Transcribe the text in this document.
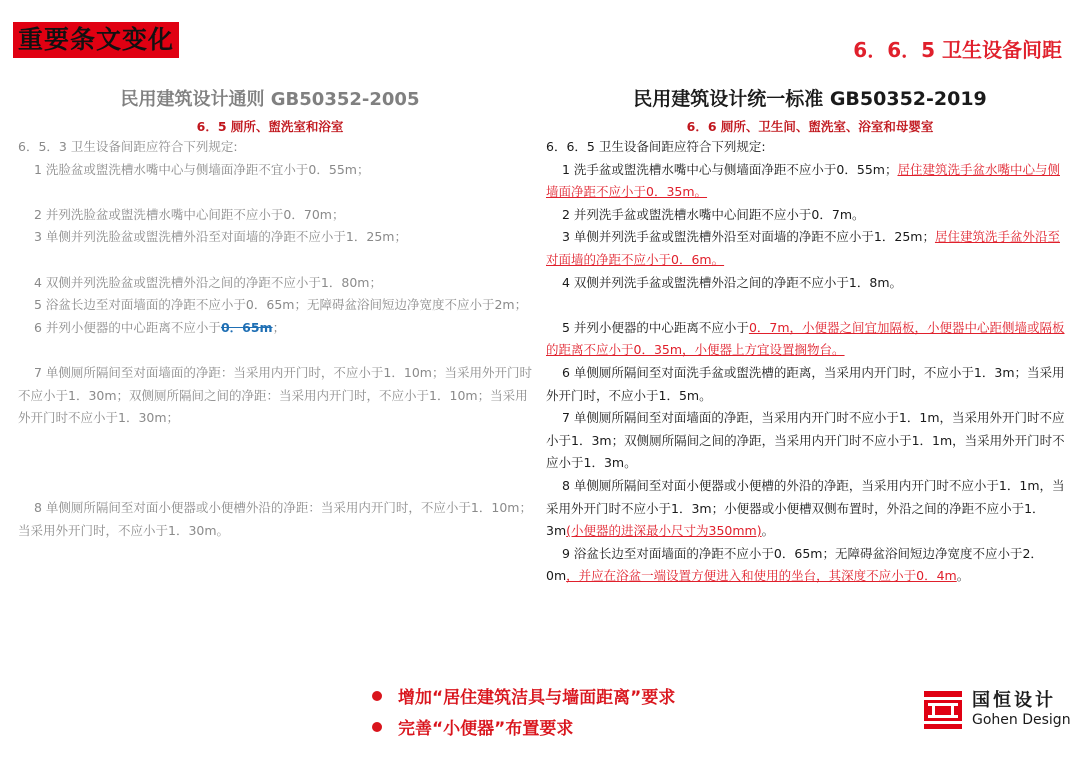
重要条文变化	6．6．5 卫生设备间距
民用建筑设计通则 GB50352-2005	民用建筑设计统一标准 GB50352-2019
6．5 厕所、盥洗室和浴室	6．6 厕所、卫生间、盥洗室、浴室和母婴室

6．5．3 卫生设备间距应符合下列规定:

1 洗脸盆或盥洗槽水嘴中心与侧墙面净距不宜小于0．55m；

2 并列洗脸盆或盥洗槽水嘴中心间距不应小于0．70m；

3 单侧并列洗脸盆或盥洗槽外沿至对面墙的净距不应小于1．25m；

4 双侧并列洗脸盆或盥洗槽外沿之间的净距不应小于1．80m；

5 浴盆长边至对面墙面的净距不应小于0．65m；无障碍盆浴间短边净宽度不应小于2m；

6 并列小便器的中心距离不应小于0．65m；

7 单侧厕所隔间至对面墙面的净距：当采用内开门时，不应小于1．10m；当采用外开门时不应小于1．30m；双侧厕所隔间之间的净距：当采用内开门时，不应小于1．10m；当采用外开门时不应小于1．30m；

8 单侧厕所隔间至对面小便器或小便槽外沿的净距：当采用内开门时，不应小于1．10m；当采用外开门时，不应小于1．30m。

6．6．5 卫生设备间距应符合下列规定:

1 洗手盆或盥洗槽水嘴中心与侧墙面净距不应小于0．55m；居住建筑洗手盆水嘴中心与侧墙面净距不应小于0．35m。

2 并列洗手盆或盥洗槽水嘴中心间距不应小于0．7m。

3 单侧并列洗手盆或盥洗槽外沿至对面墙的净距不应小于1．25m；居住建筑洗手盆外沿至对面墙的净距不应小于0．6m。

4 双侧并列洗手盆或盥洗槽外沿之间的净距不应小于1．8m。

5 并列小便器的中心距离不应小于0．7m，小便器之间宜加隔板，小便器中心距侧墙或隔板的距离不应小于0．35m，小便器上方宜设置搁物台。

6 单侧厕所隔间至对面洗手盆或盥洗槽的距离，当采用内开门时，不应小于1．3m；当采用外开门时，不应小于1．5m。

7 单侧厕所隔间至对面墙面的净距，当采用内开门时不应小于1．1m，当采用外开门时不应小于1．3m；双侧厕所隔间之间的净距，当采用内开门时不应小于1．1m，当采用外开门时不应小于1．3m。

8 单侧厕所隔间至对面小便器或小便槽的外沿的净距，当采用内开门时不应小于1．1m，当采用外开门时不应小于1．3m；小便器或小便槽双侧布置时，外沿之间的净距不应小于1．3m(小便器的进深最小尺寸为350mm)。

9 浴盆长边至对面墙面的净距不应小于0．65m；无障碍盆浴间短边净宽度不应小于2．0m，并应在浴盆一端设置方便进入和使用的坐台，其深度不应小于0．4m。

增加“居住建筑洁具与墙面距离”要求
完善“小便器”布置要求
国恒设计
Gohen Design
